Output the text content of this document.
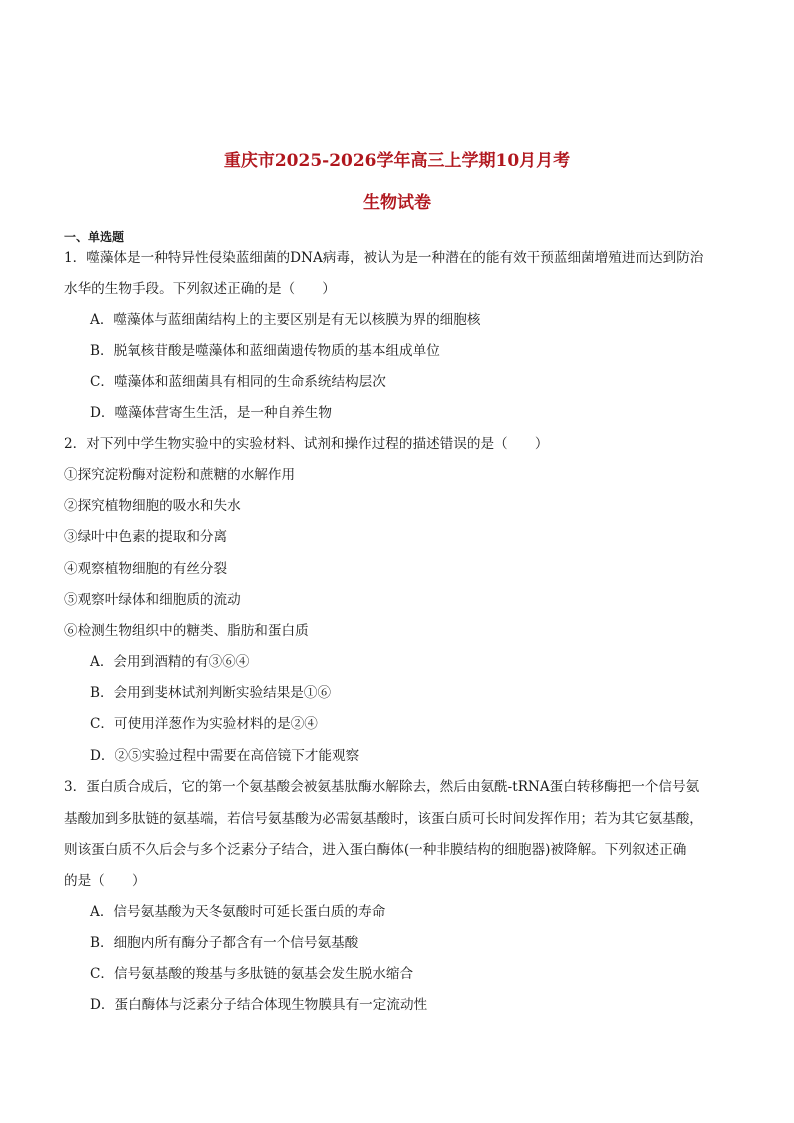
重庆市2025-2026学年高三上学期10月月考
生物试卷
一、单选题

1．噬藻体是一种特异性侵染蓝细菌的DNA病毒，被认为是一种潜在的能有效干预蓝细菌增殖进而达到防治

水华的生物手段。下列叙述正确的是（　　）

A．噬藻体与蓝细菌结构上的主要区别是有无以核膜为界的细胞核

B．脱氧核苷酸是噬藻体和蓝细菌遗传物质的基本组成单位

C．噬藻体和蓝细菌具有相同的生命系统结构层次

D．噬藻体营寄生生活，是一种自养生物

2．对下列中学生物实验中的实验材料、试剂和操作过程的描述错误的是（　　）

①探究淀粉酶对淀粉和蔗糖的水解作用

②探究植物细胞的吸水和失水

③绿叶中色素的提取和分离

④观察植物细胞的有丝分裂

⑤观察叶绿体和细胞质的流动

⑥检测生物组织中的糖类、脂肪和蛋白质

A．会用到酒精的有③⑥④

B．会用到斐林试剂判断实验结果是①⑥

C．可使用洋葱作为实验材料的是②④

D．②⑤实验过程中需要在高倍镜下才能观察

3．蛋白质合成后，它的第一个氨基酸会被氨基肽酶水解除去，然后由氨酰-tRNA蛋白转移酶把一个信号氨

基酸加到多肽链的氨基端，若信号氨基酸为必需氨基酸时，该蛋白质可长时间发挥作用；若为其它氨基酸，

则该蛋白质不久后会与多个泛素分子结合，进入蛋白酶体(一种非膜结构的细胞器)被降解。下列叙述正确

的是（　　）

A．信号氨基酸为天冬氨酸时可延长蛋白质的寿命

B．细胞内所有酶分子都含有一个信号氨基酸

C．信号氨基酸的羧基与多肽链的氨基会发生脱水缩合

D．蛋白酶体与泛素分子结合体现生物膜具有一定流动性
